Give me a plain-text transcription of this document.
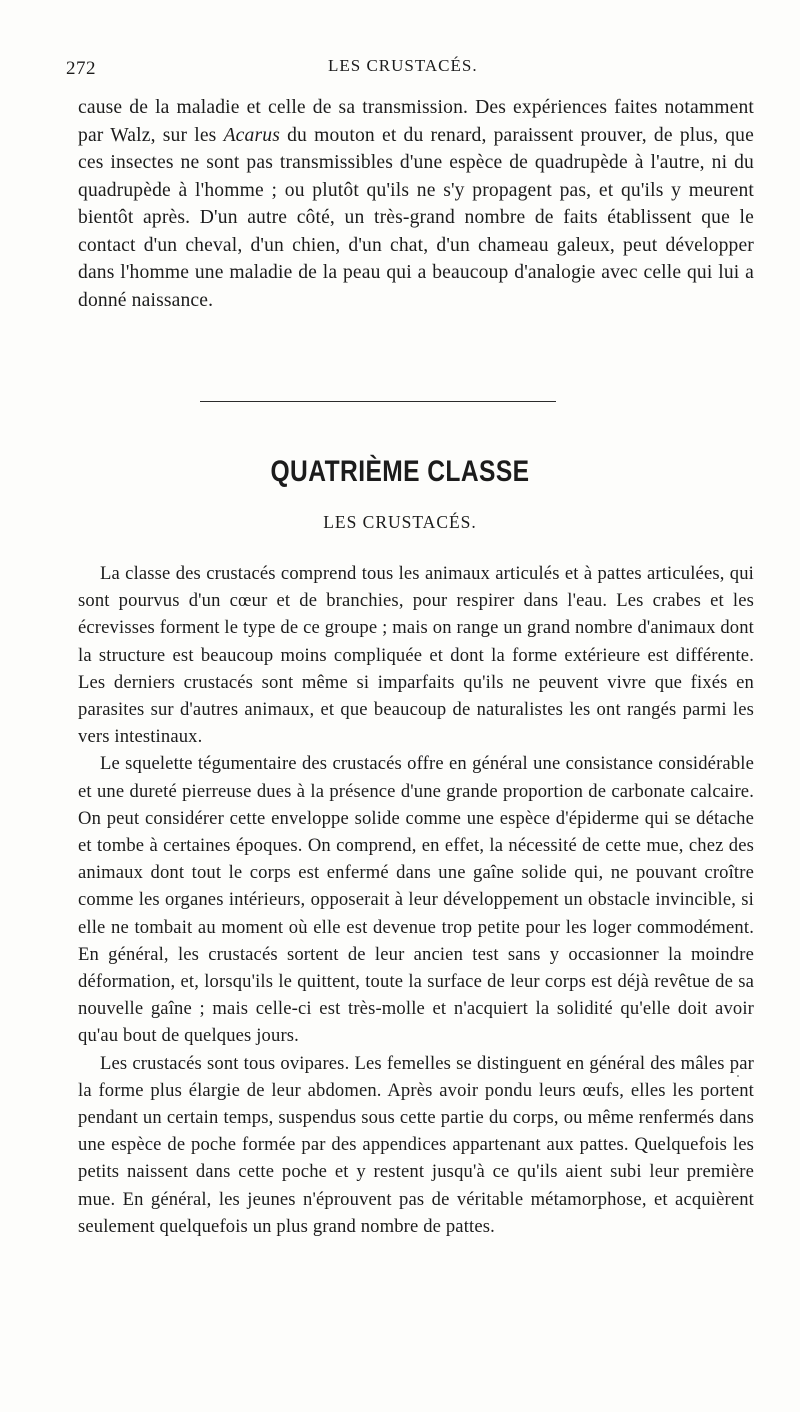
272	LES CRUSTACÉS.

cause de la maladie et celle de sa transmission. Des expériences faites notamment par Walz, sur les Acarus du mouton et du renard, paraissent prouver, de plus, que ces insectes ne sont pas transmissibles d'une espèce de quadrupède à l'autre, ni du quadrupède à l'homme ; ou plutôt qu'ils ne s'y propagent pas, et qu'ils y meurent bientôt après. D'un autre côté, un très-grand nombre de faits établissent que le contact d'un cheval, d'un chien, d'un chat, d'un chameau galeux, peut développer dans l'homme une maladie de la peau qui a beaucoup d'analogie avec celle qui lui a donné naissance.

QUATRIÈME CLASSE
LES CRUSTACÉS.

La classe des crustacés comprend tous les animaux articulés et à pattes articulées, qui sont pourvus d'un cœur et de branchies, pour respirer dans l'eau. Les crabes et les écrevisses forment le type de ce groupe ; mais on range un grand nombre d'animaux dont la structure est beaucoup moins compliquée et dont la forme extérieure est différente. Les derniers crustacés sont même si imparfaits qu'ils ne peuvent vivre que fixés en parasites sur d'autres animaux, et que beaucoup de naturalistes les ont rangés parmi les vers intestinaux.

Le squelette tégumentaire des crustacés offre en général une consistance considérable et une dureté pierreuse dues à la présence d'une grande proportion de carbonate calcaire. On peut considérer cette enveloppe solide comme une espèce d'épiderme qui se détache et tombe à certaines époques. On comprend, en effet, la nécessité de cette mue, chez des animaux dont tout le corps est enfermé dans une gaîne solide qui, ne pouvant croître comme les organes intérieurs, opposerait à leur développement un obstacle invincible, si elle ne tombait au moment où elle est devenue trop petite pour les loger commodément. En général, les crustacés sortent de leur ancien test sans y occasionner la moindre déformation, et, lorsqu'ils le quittent, toute la surface de leur corps est déjà revêtue de sa nouvelle gaîne ; mais celle-ci est très-molle et n'acquiert la solidité qu'elle doit avoir qu'au bout de quelques jours.

Les crustacés sont tous ovipares. Les femelles se distinguent en général des mâles par la forme plus élargie de leur abdomen. Après avoir pondu leurs œufs, elles les portent pendant un certain temps, suspendus sous cette partie du corps, ou même renfermés dans une espèce de poche formée par des appendices appartenant aux pattes. Quelquefois les petits naissent dans cette poche et y restent jusqu'à ce qu'ils aient subi leur première mue. En général, les jeunes n'éprouvent pas de véritable métamorphose, et acquièrent seulement quelquefois un plus grand nombre de pattes.
